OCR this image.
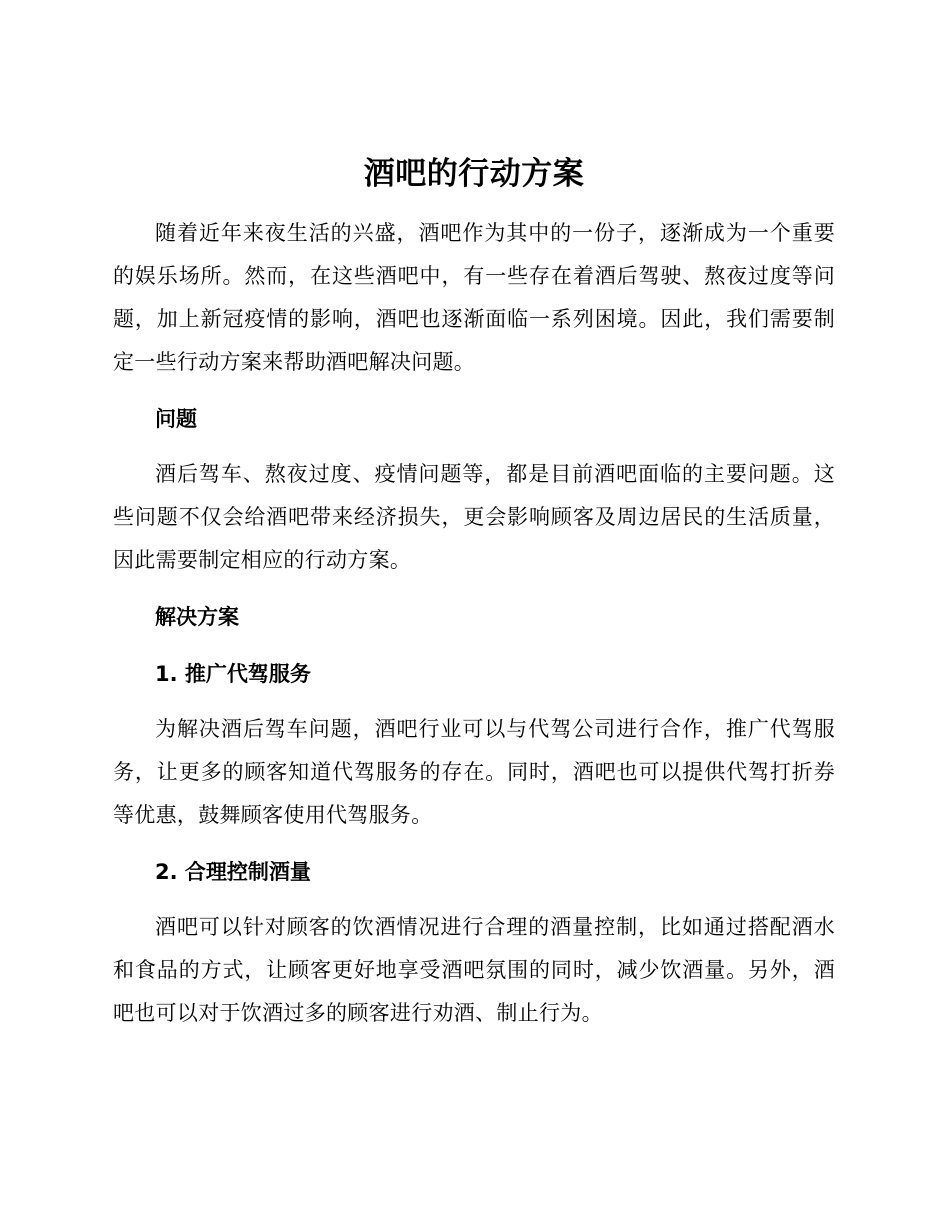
酒吧的行动方案

随着近年来夜生活的兴盛，酒吧作为其中的一份子，逐渐成为一个重要的娱乐场所。然而，在这些酒吧中，有一些存在着酒后驾驶、熬夜过度等问题，加上新冠疫情的影响，酒吧也逐渐面临一系列困境。因此，我们需要制定一些行动方案来帮助酒吧解决问题。

问题

酒后驾车、熬夜过度、疫情问题等，都是目前酒吧面临的主要问题。这些问题不仅会给酒吧带来经济损失，更会影响顾客及周边居民的生活质量，因此需要制定相应的行动方案。

解决方案
1. 推广代驾服务

为解决酒后驾车问题，酒吧行业可以与代驾公司进行合作，推广代驾服务，让更多的顾客知道代驾服务的存在。同时，酒吧也可以提供代驾打折券等优惠，鼓舞顾客使用代驾服务。

2. 合理控制酒量

酒吧可以针对顾客的饮酒情况进行合理的酒量控制，比如通过搭配酒水和食品的方式，让顾客更好地享受酒吧氛围的同时，减少饮酒量。另外，酒吧也可以对于饮酒过多的顾客进行劝酒、制止行为。
